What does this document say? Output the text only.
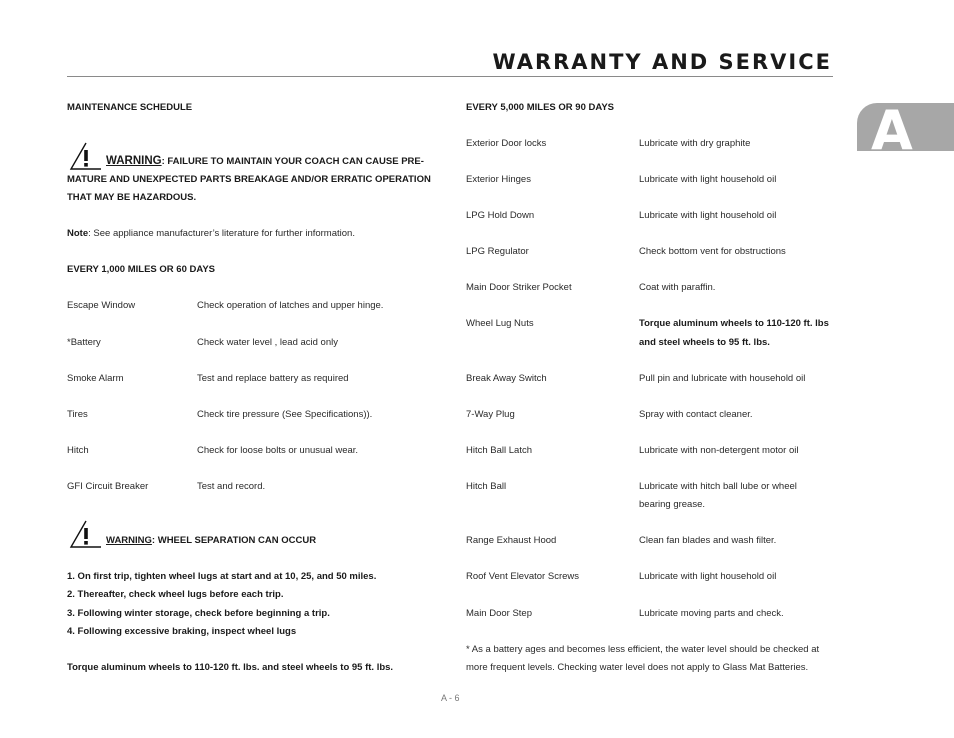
WARRANTY AND SERVICE
A
MAINTENANCE SCHEDULE
WARNING: FAILURE TO MAINTAIN YOUR COACH CAN CAUSE PRE-
MATURE AND UNEXPECTED PARTS BREAKAGE AND/OR ERRATIC OPERATION
THAT MAY BE HAZARDOUS.
Note: See appliance manufacturer’s literature for further information.
EVERY 1,000 MILES OR 60 DAYS
Escape Window	Check operation of latches and upper hinge.
*Battery	Check water level , lead acid only
Smoke Alarm	Test and replace battery as required
Tires	Check tire pressure (See Specifications)).
Hitch	Check for loose bolts or unusual wear.
GFI Circuit Breaker	Test and record.
WARNING: WHEEL SEPARATION CAN OCCUR
1. On first trip, tighten wheel lugs at start and at 10, 25, and 50 miles.
2. Thereafter, check wheel lugs before each trip.
3. Following winter storage, check before beginning a trip.
4. Following excessive braking, inspect wheel lugs
Torque aluminum wheels to 110-120 ft. lbs. and steel wheels to 95 ft. lbs.
EVERY 5,000 MILES OR 90 DAYS
Exterior Door locks	Lubricate with dry graphite
Exterior Hinges	Lubricate with light household oil
LPG Hold Down	Lubricate with light household oil
LPG Regulator	Check bottom vent for obstructions
Main Door Striker Pocket	Coat with paraffin.
Wheel Lug Nuts	Torque aluminum wheels to 110-120 ft. lbs
and steel wheels to 95 ft. lbs.
Break Away Switch	Pull pin and lubricate with household oil
7-Way Plug	Spray with contact cleaner.
Hitch Ball Latch	Lubricate with non-detergent motor oil
Hitch Ball	Lubricate with hitch ball lube or wheel
bearing grease.
Range Exhaust Hood	Clean fan blades and wash filter.
Roof Vent Elevator Screws	Lubricate with light household oil
Main Door Step	Lubricate moving parts and check.
* As a battery ages and becomes less efficient, the water level should be checked at
more frequent levels. Checking water level does not apply to Glass Mat Batteries.
A - 6
